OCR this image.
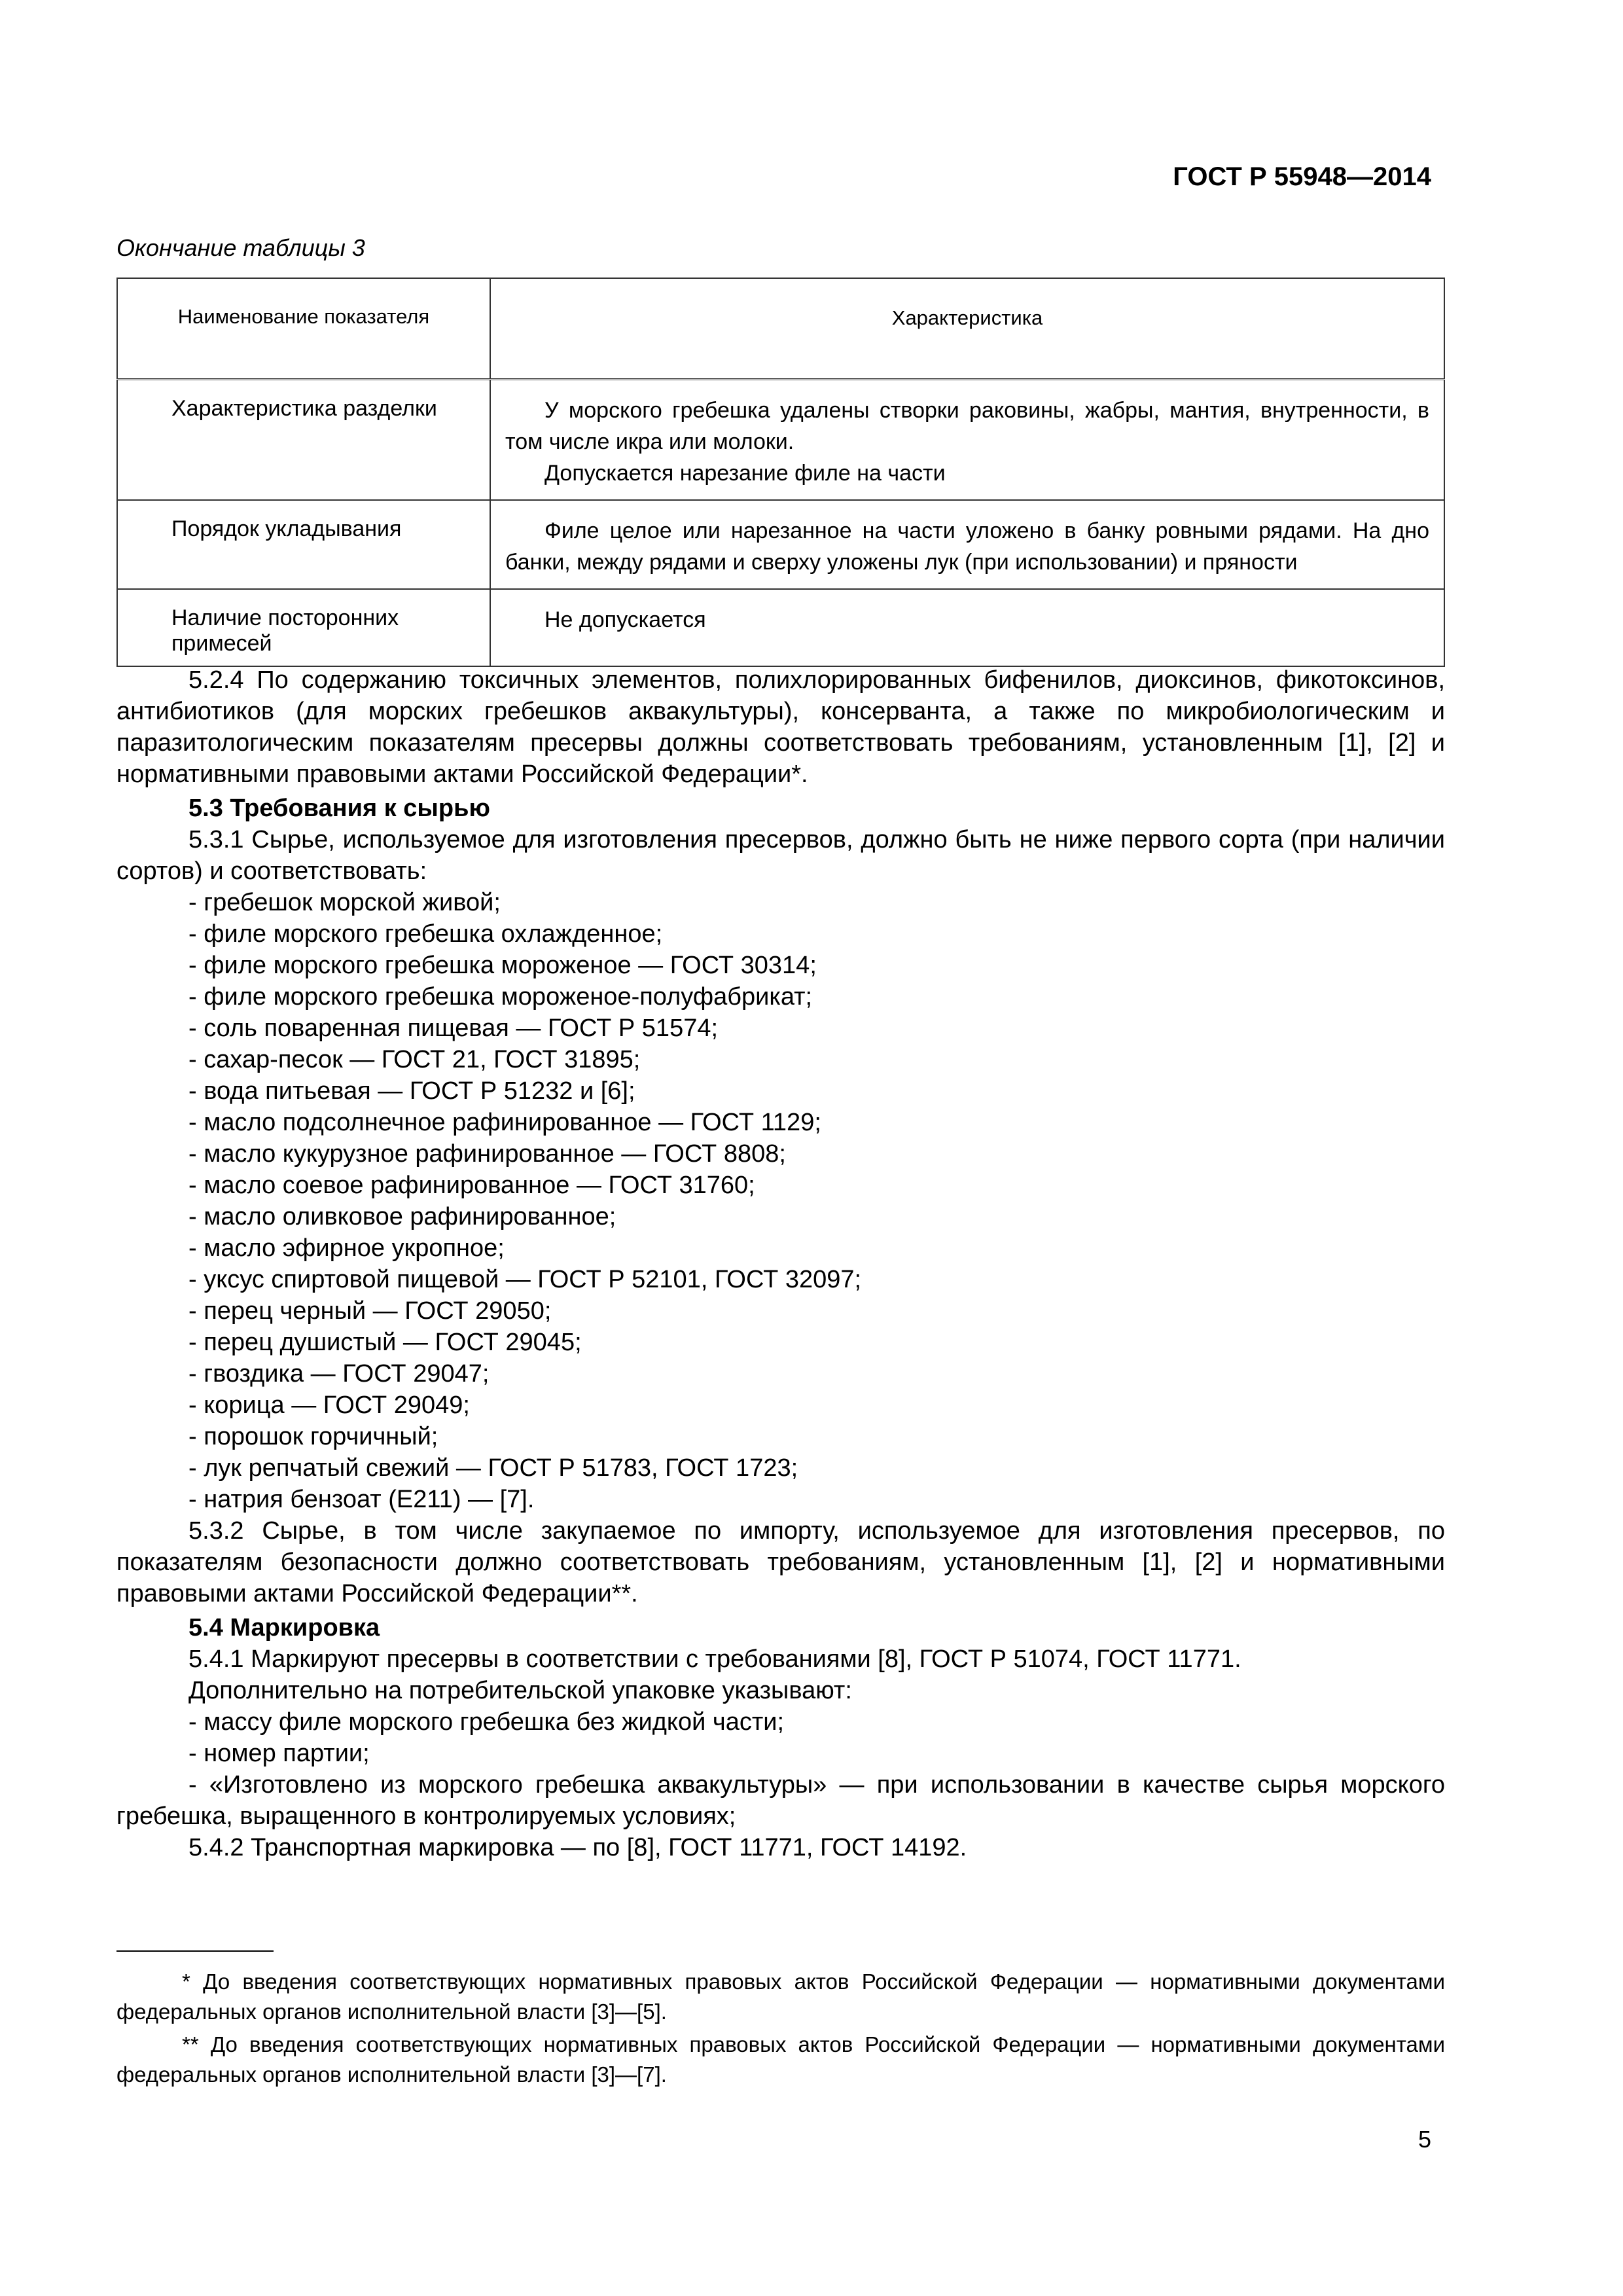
ГОСТ Р 55948—2014
Окончание таблицы 3
Наименование показателя	Характеристика

Характеристика разделки	У морского гребешка удалены створки раковины, жабры, мантия, внутренности, в том числе икра или молоки.

Допускается нарезание филе на части

Порядок укладывания	Филе целое или нарезанное на части уложено в банку ровными рядами. На дно банки, между рядами и сверху уложены лук (при использовании) и пряности

Наличие посторонних примесей	Не допускается

5.2.4 По содержанию токсичных элементов, полихлорированных бифенилов, диоксинов, фикотоксинов, антибиотиков (для морских гребешков аквакультуры), консерванта, а также по микробиологическим и паразитологическим показателям пресервы должны соответствовать требованиям, установленным [1], [2] и нормативными правовыми актами Российской Федерации*.

5.3 Требования к сырью

5.3.1 Сырье, используемое для изготовления пресервов, должно быть не ниже первого сорта (при наличии сортов) и соответствовать:

- гребешок морской живой;

- филе морского гребешка охлажденное;

- филе морского гребешка мороженое — ГОСТ 30314;

- филе морского гребешка мороженое-полуфабрикат;

- соль поваренная пищевая — ГОСТ Р 51574;

- сахар-песок — ГОСТ 21, ГОСТ 31895;

- вода питьевая — ГОСТ Р 51232 и [6];

- масло подсолнечное рафинированное — ГОСТ 1129;

- масло кукурузное рафинированное — ГОСТ 8808;

- масло соевое рафинированное — ГОСТ 31760;

- масло оливковое рафинированное;

- масло эфирное укропное;

- уксус спиртовой пищевой — ГОСТ Р 52101, ГОСТ 32097;

- перец черный — ГОСТ 29050;

- перец душистый — ГОСТ 29045;

- гвоздика — ГОСТ 29047;

- корица — ГОСТ 29049;

- порошок горчичный;

- лук репчатый свежий — ГОСТ Р 51783, ГОСТ 1723;

- натрия бензоат (Е211) — [7].

5.3.2 Сырье, в том числе закупаемое по импорту, используемое для изготовления пресервов, по показателям безопасности должно соответствовать требованиям, установленным [1], [2] и нормативными правовыми актами Российской Федерации**.

5.4 Маркировка

5.4.1 Маркируют пресервы в соответствии с требованиями [8], ГОСТ Р 51074, ГОСТ 11771.

Дополнительно на потребительской упаковке указывают:

- массу филе морского гребешка без жидкой части;

- номер партии;

- «Изготовлено из морского гребешка аквакультуры» — при использовании в качестве сырья морского гребешка, выращенного в контролируемых условиях;

5.4.2 Транспортная маркировка — по [8], ГОСТ 11771, ГОСТ 14192.

* До введения соответствующих нормативных правовых актов Российской Федерации — нормативными документами федеральных органов исполнительной власти [3]—[5].

** До введения соответствующих нормативных правовых актов Российской Федерации — нормативными документами федеральных органов исполнительной власти [3]—[7].

5
